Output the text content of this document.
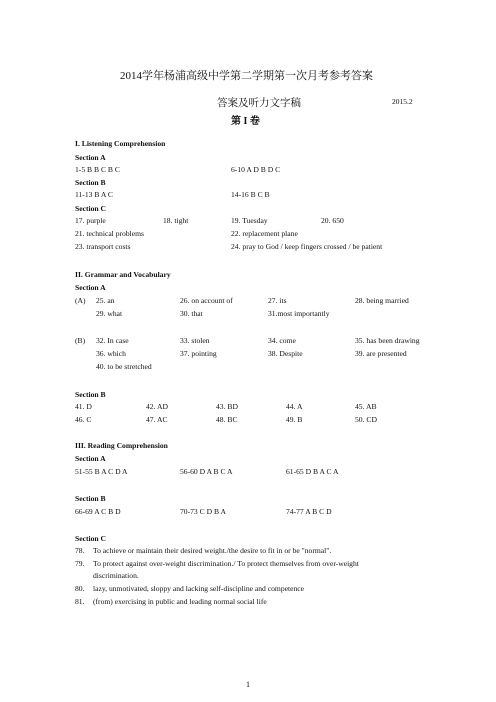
2014学年杨浦高级中学第二学期第一次月考参考答案
答案及听力文字稿	2015.2
第 I 卷
I. Listening Comprehension
Section A
1-5 B B C B C	6-10 A D B D C
Section B
11-13 B A C	14-16 B C B
Section C
17. purple	18. tight	19. Tuesday	20. 650
21. technical problems	22. replacement plane
23. transport costs	24. pray to God / keep fingers crossed / be patient
II. Grammar and Vocabulary
Section A
(A) 25. an	26. on account of	27. its	28. being married
29. what	30. that	31.most importantly
(B) 32. In case	33. stolen	34. come	35. has been drawing
36. which	37. pointing	38. Despite	39. are presented
40. to be stretched
Section B
41. D	42. AD	43. BD	44. A	45. AB
46. C	47. AC	48. BC	49. B	50. CD
III. Reading Comprehension
Section A
51-55 B A C D A	56-60 D A B C A	61-65 D B A C A
Section B
66-69 A C B D	70-73 C D B A	74-77 A B C D
Section C
78. To achieve or maintain their desired weight./the desire to fit in or be "normal".
79. To protect against over-weight discrimination./ To protect themselves from over-weight
discrimination.
80. lazy, unmotivated, sloppy and lacking self-discipline and competence
81. (from) exercising in public and leading normal social life
1
